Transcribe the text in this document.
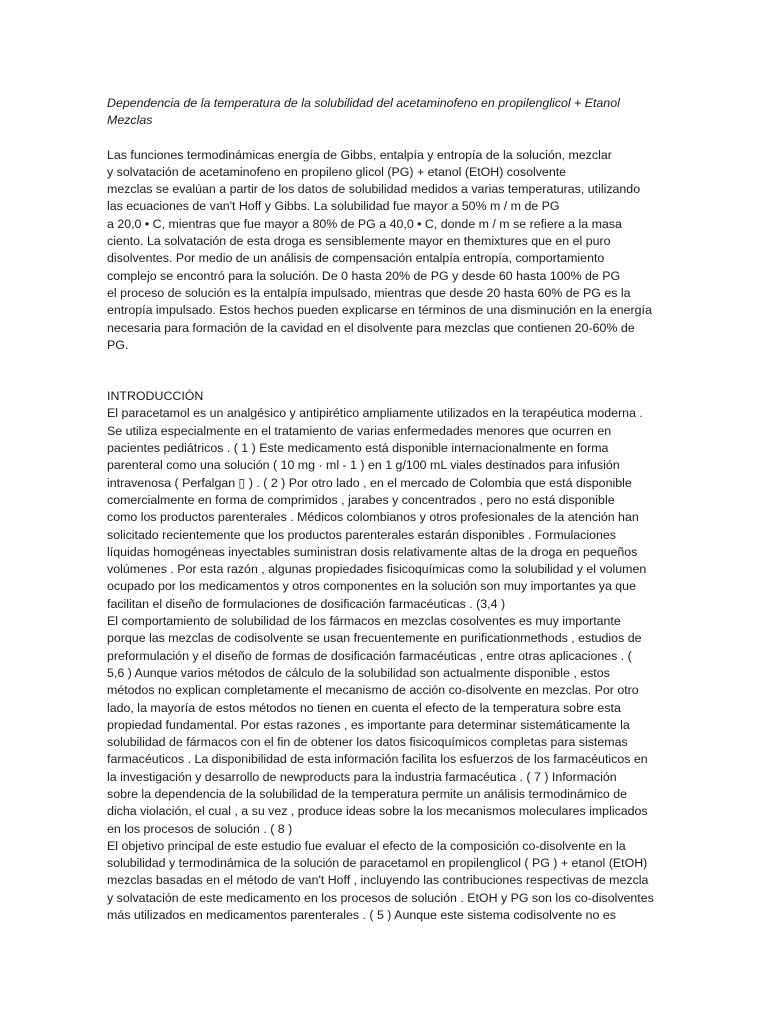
Dependencia de la temperatura de la solubilidad del acetaminofeno en propilenglicol + Etanol
Mezclas

Las funciones termodinámicas energía de Gibbs, entalpía y entropía de la solución, mezclar
y solvatación de acetaminofeno en propileno glicol (PG) + etanol (EtOH) cosolvente
mezclas se evalúan a partir de los datos de solubilidad medidos a varias temperaturas, utilizando
las ecuaciones de van't Hoff y Gibbs. La solubilidad fue mayor a 50% m / m de PG
a 20,0 • C, mientras que fue mayor a 80% de PG a 40,0 • C, donde m / m se refiere a la masa
ciento. La solvatación de esta droga es sensiblemente mayor en themixtures que en el puro
disolventes. Por medio de un análisis de compensación entalpía entropía, comportamiento
complejo se encontró para la solución. De 0 hasta 20% de PG y desde 60 hasta 100% de PG
el proceso de solución es la entalpía impulsado, mientras que desde 20 hasta 60% de PG es la
entropía impulsado. Estos hechos pueden explicarse en términos de una disminución en la energía
necesaria para formación de la cavidad en el disolvente para mezclas que contienen 20-60% de
PG.

INTRODUCCIÓN
El paracetamol es un analgésico y antipirético ampliamente utilizados en la terapéutica moderna .
Se utiliza especialmente en el tratamiento de varias enfermedades menores que ocurren en
pacientes pediátricos . ( 1 ) Este medicamento está disponible internacionalmente en forma
parenteral como una solución ( 10 mg · ml - 1 ) en 1 g/100 mL viales destinados para infusión
intravenosa ( Perfalgan ▯ ) . ( 2 ) Por otro lado , en el mercado de Colombia que está disponible
comercialmente en forma de comprimidos , jarabes y concentrados , pero no está disponible
como los productos parenterales . Médicos colombianos y otros profesionales de la atención han
solicitado recientemente que los productos parenterales estarán disponibles . Formulaciones
líquidas homogéneas inyectables suministran dosis relativamente altas de la droga en pequeños
volúmenes . Por esta razón , algunas propiedades fisicoquímicas como la solubilidad y el volumen
ocupado por los medicamentos y otros componentes en la solución son muy importantes ya que
facilitan el diseño de formulaciones de dosificación farmacéuticas . (3,4 )
El comportamiento de solubilidad de los fármacos en mezclas cosolventes es muy importante
porque las mezclas de codisolvente se usan frecuentemente en purificationmethods , estudios de
preformulación y el diseño de formas de dosificación farmacéuticas , entre otras aplicaciones . (
5,6 ) Aunque varios métodos de cálculo de la solubilidad son actualmente disponible , estos
métodos no explican completamente el mecanismo de acción co-disolvente en mezclas. Por otro
lado, la mayoría de estos métodos no tienen en cuenta el efecto de la temperatura sobre esta
propiedad fundamental. Por estas razones , es importante para determinar sistemáticamente la
solubilidad de fármacos con el fin de obtener los datos fisicoquímicos completas para sistemas
farmacéuticos . La disponibilidad de esta información facilita los esfuerzos de los farmacéuticos en
la investigación y desarrollo de newproducts para la industria farmacéutica . ( 7 ) Información
sobre la dependencia de la solubilidad de la temperatura permite un análisis termodinámico de
dicha violación, el cual , a su vez , produce ideas sobre la los mecanismos moleculares implicados
en los procesos de solución . ( 8 )
El objetivo principal de este estudio fue evaluar el efecto de la composición co-disolvente en la
solubilidad y termodinámica de la solución de paracetamol en propilenglicol ( PG ) + etanol (EtOH)
mezclas basadas en el método de van't Hoff , incluyendo las contribuciones respectivas de mezcla
y solvatación de este medicamento en los procesos de solución . EtOH y PG son los co-disolventes
más utilizados en medicamentos parenterales . ( 5 ) Aunque este sistema codisolvente no es
